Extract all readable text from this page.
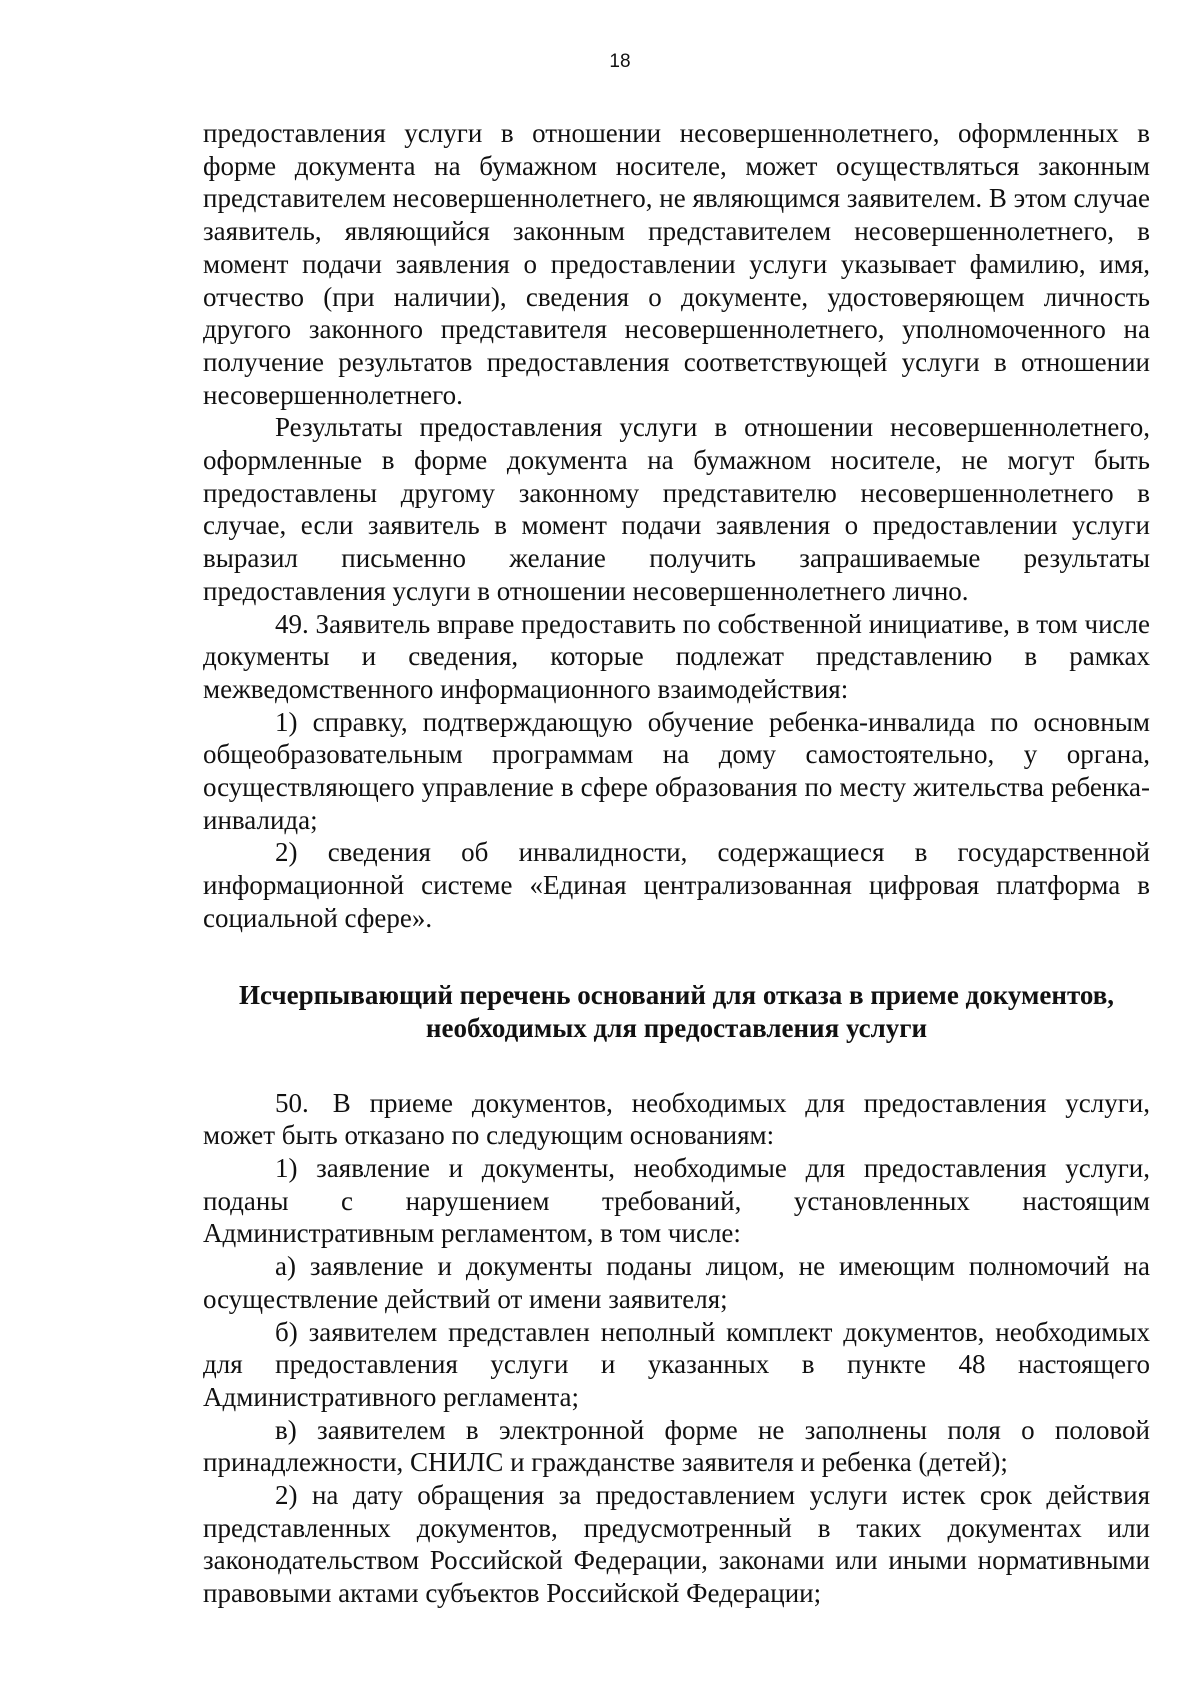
18

предоставления услуги в отношении несовершеннолетнего, оформленных в форме документа на бумажном носителе, может осуществляться законным представителем несовершеннолетнего, не являющимся заявителем. В этом случае заявитель, являющийся законным представителем несовершеннолетнего, в момент подачи заявления о предоставлении услуги указывает фамилию, имя, отчество (при наличии), сведения о документе, удостоверяющем личность другого законного представителя несовершеннолетнего, уполномоченного на получение результатов предоставления соответствующей услуги в отношении несовершеннолетнего.

Результаты предоставления услуги в отношении несовершеннолетнего, оформленные в форме документа на бумажном носителе, не могут быть предоставлены другому законному представителю несовершеннолетнего в случае, если заявитель в момент подачи заявления о предоставлении услуги выразил письменно желание получить запрашиваемые результаты предоставления услуги в отношении несовершеннолетнего лично.

49. Заявитель вправе предоставить по собственной инициативе, в том числе документы и сведения, которые подлежат представлению в рамках межведомственного информационного взаимодействия:

1) справку, подтверждающую обучение ребенка-инвалида по основным общеобразовательным программам на дому самостоятельно, у органа, осуществляющего управление в сфере образования по месту жительства ребенка-инвалида;

2) сведения об инвалидности, содержащиеся в государственной информационной системе «Единая централизованная цифровая платформа в социальной сфере».

Исчерпывающий перечень оснований для отказа в приеме документов,
необходимых для предоставления услуги

50. В приеме документов, необходимых для предоставления услуги, может быть отказано по следующим основаниям:

1) заявление и документы, необходимые для предоставления услуги, поданы с нарушением требований, установленных настоящим Административным регламентом, в том числе:

а) заявление и документы поданы лицом, не имеющим полномочий на осуществление действий от имени заявителя;

б) заявителем представлен неполный комплект документов, необходимых для предоставления услуги и указанных в пункте 48 настоящего Административного регламента;

в) заявителем в электронной форме не заполнены поля о половой принадлежности, СНИЛС и гражданстве заявителя и ребенка (детей);

2) на дату обращения за предоставлением услуги истек срок действия представленных документов, предусмотренный в таких документах или законодательством Российской Федерации, законами или иными нормативными правовыми актами субъектов Российской Федерации;
